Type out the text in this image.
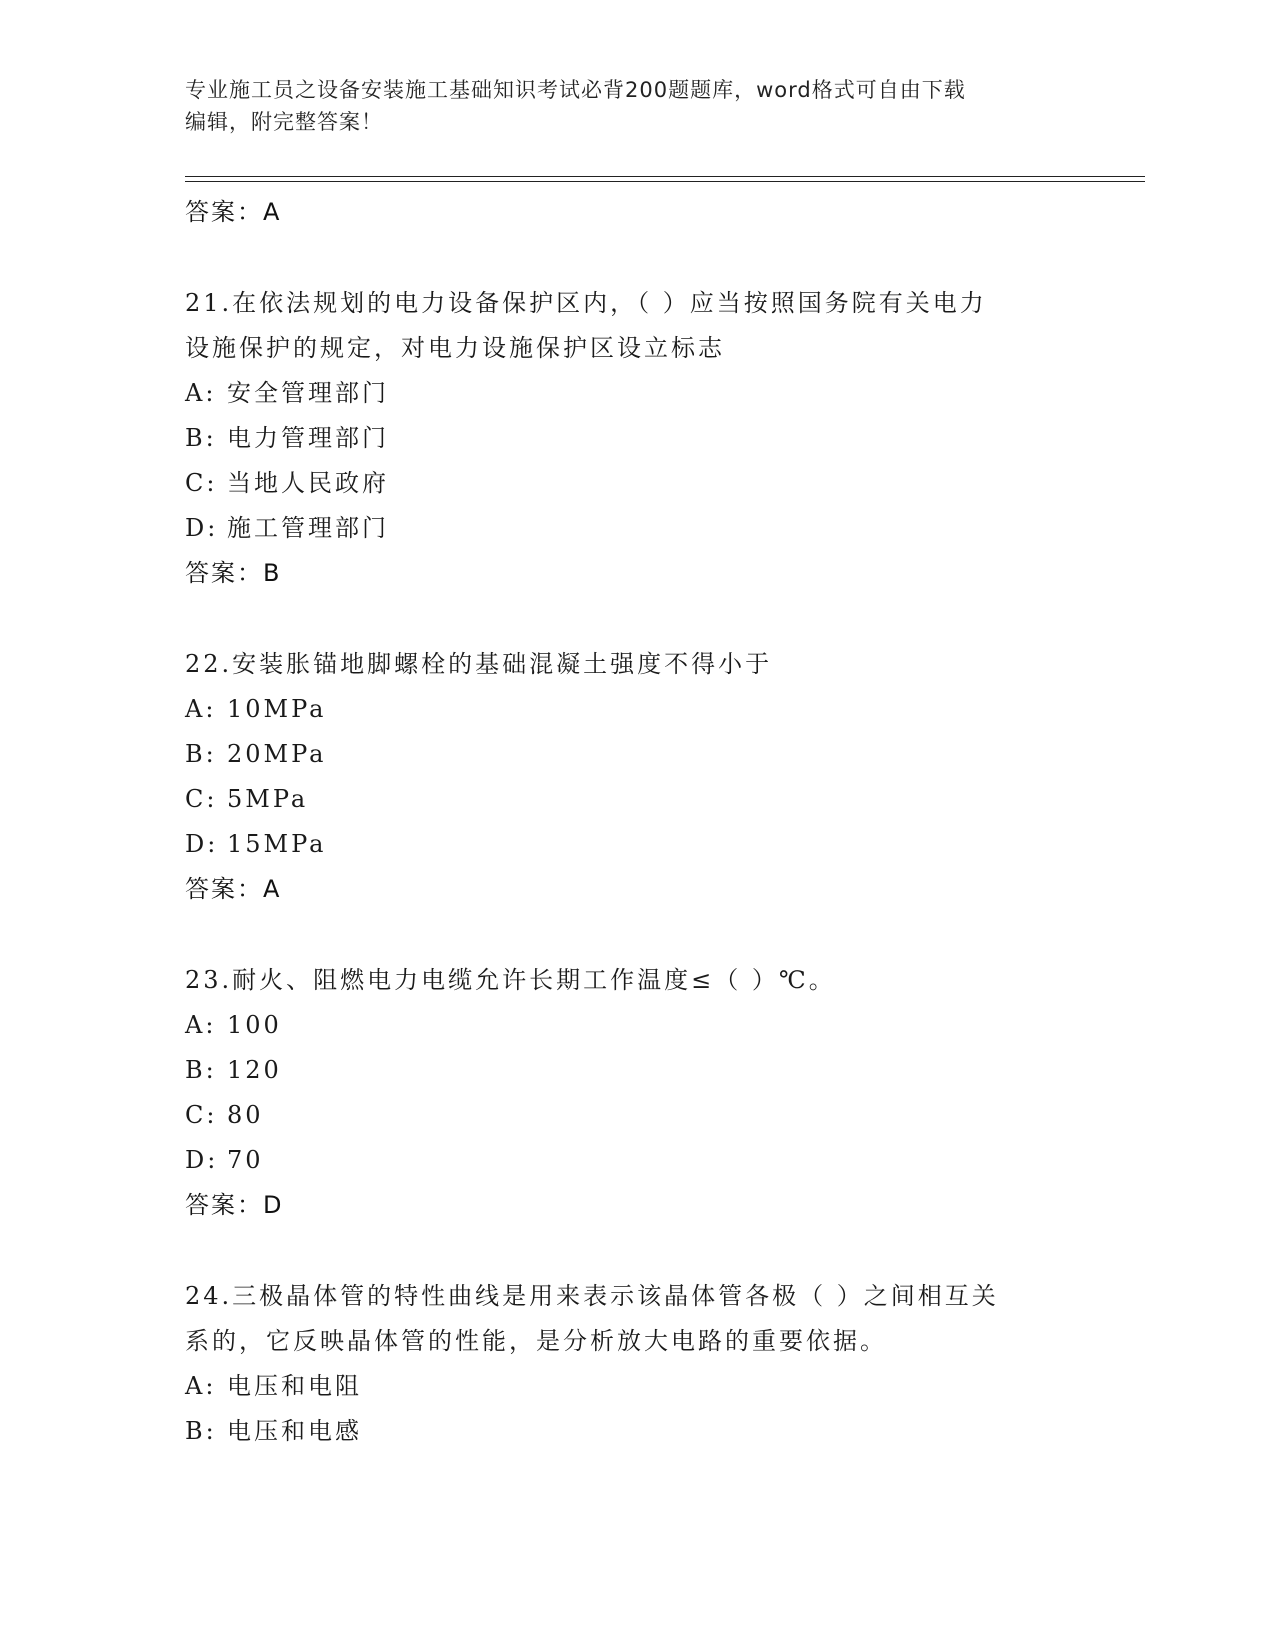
专业施工员之设备安装施工基础知识考试必背200题题库，word格式可自由下载
编辑，附完整答案！
答案：A
21.在依法规划的电力设备保护区内，（ ）应当按照国务院有关电力
设施保护的规定，对电力设施保护区设立标志
A: 安全管理部门
B: 电力管理部门
C: 当地人民政府
D: 施工管理部门
答案：B
22.安装胀锚地脚螺栓的基础混凝土强度不得小于
A: 10MPa
B: 20MPa
C: 5MPa
D: 15MPa
答案：A
23.耐火、阻燃电力电缆允许长期工作温度≤（ ）℃。
A: 100
B: 120
C: 80
D: 70
答案：D
24.三极晶体管的特性曲线是用来表示该晶体管各极（ ）之间相互关
系的，它反映晶体管的性能，是分析放大电路的重要依据。
A: 电压和电阻
B: 电压和电感
